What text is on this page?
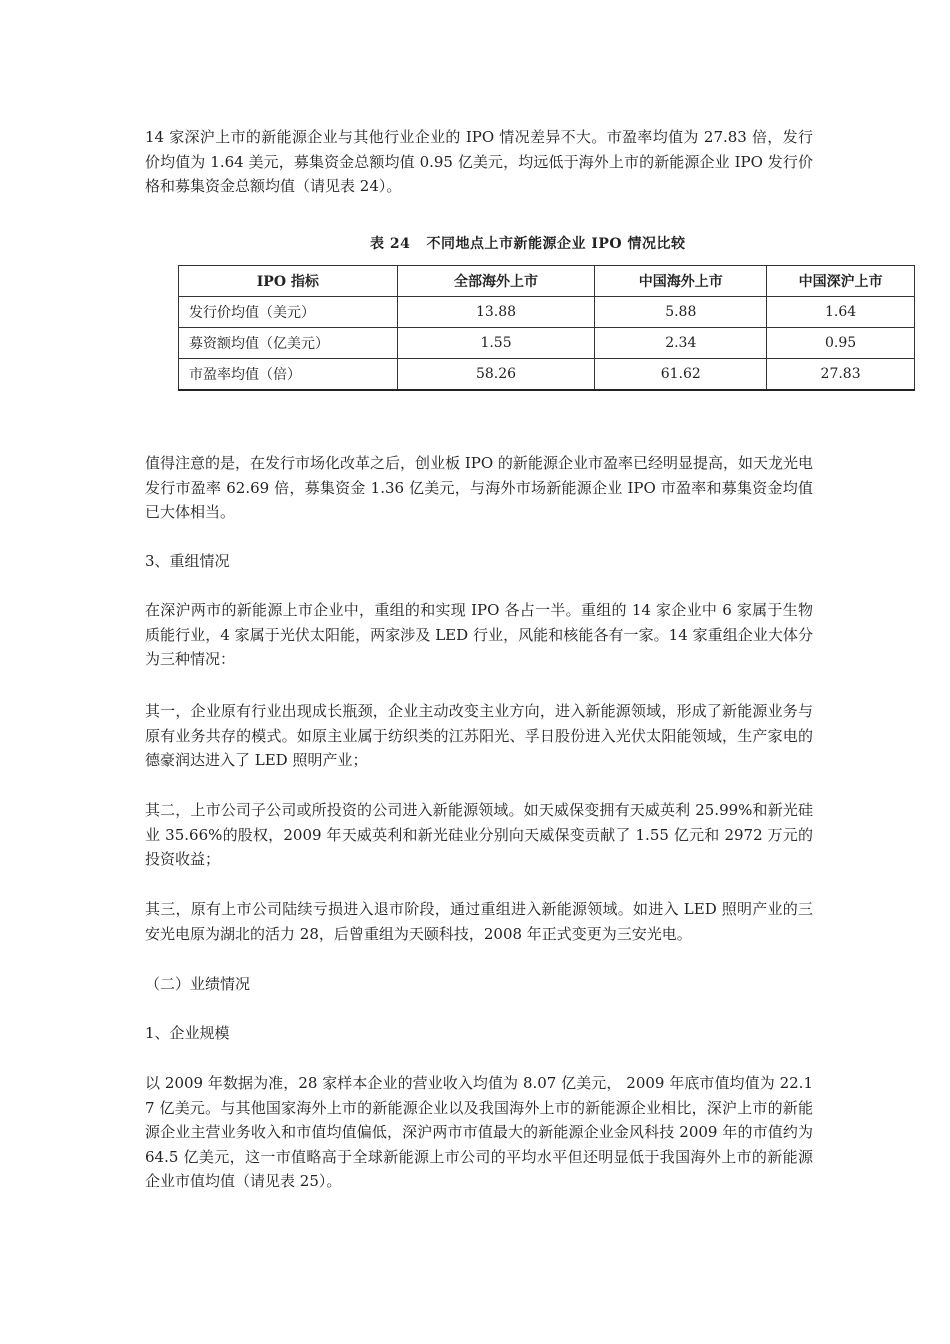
14 家深沪上市的新能源企业与其他行业企业的 IPO 情况差异不大。市盈率均值为 27.83 倍，发行价均值为 1.64 美元，募集资金总额均值 0.95 亿美元，均远低于海外上市的新能源企业 IPO 发行价格和募集资金总额均值（请见表 24）。

表 24   不同地点上市新能源企业 IPO 情况比较
IPO 指标	全部海外上市	中国海外上市	中国深沪上市
发行价均值（美元）	13.88	5.88	1.64
募资额均值（亿美元）	1.55	2.34	0.95
市盈率均值（倍）	58.26	61.62	27.83

值得注意的是，在发行市场化改革之后，创业板 IPO 的新能源企业市盈率已经明显提高，如天龙光电发行市盈率 62.69 倍，募集资金 1.36 亿美元，与海外市场新能源企业 IPO 市盈率和募集资金均值已大体相当。

3、重组情况

在深沪两市的新能源上市企业中，重组的和实现 IPO 各占一半。重组的 14 家企业中 6 家属于生物质能行业，4 家属于光伏太阳能，两家涉及 LED 行业，风能和核能各有一家。14 家重组企业大体分为三种情况：

其一，企业原有行业出现成长瓶颈，企业主动改变主业方向，进入新能源领域，形成了新能源业务与原有业务共存的模式。如原主业属于纺织类的江苏阳光、孚日股份进入光伏太阳能领域，生产家电的德豪润达进入了 LED 照明产业；

其二，上市公司子公司或所投资的公司进入新能源领域。如天威保变拥有天威英利 25.99%和新光硅业 35.66%的股权，2009 年天威英利和新光硅业分别向天威保变贡献了 1.55 亿元和 2972 万元的投资收益；

其三，原有上市公司陆续亏损进入退市阶段，通过重组进入新能源领域。如进入 LED 照明产业的三安光电原为湖北的活力 28，后曾重组为天颐科技，2008 年正式变更为三安光电。

（二）业绩情况

1、企业规模

以 2009 年数据为准，28 家样本企业的营业收入均值为 8.07 亿美元， 2009 年底市值均值为 22.17 亿美元。与其他国家海外上市的新能源企业以及我国海外上市的新能源企业相比，深沪上市的新能源企业主营业务收入和市值均值偏低，深沪两市市值最大的新能源企业金风科技 2009 年的市值约为 64.5 亿美元，这一市值略高于全球新能源上市公司的平均水平但还明显低于我国海外上市的新能源企业市值均值（请见表 25）。
